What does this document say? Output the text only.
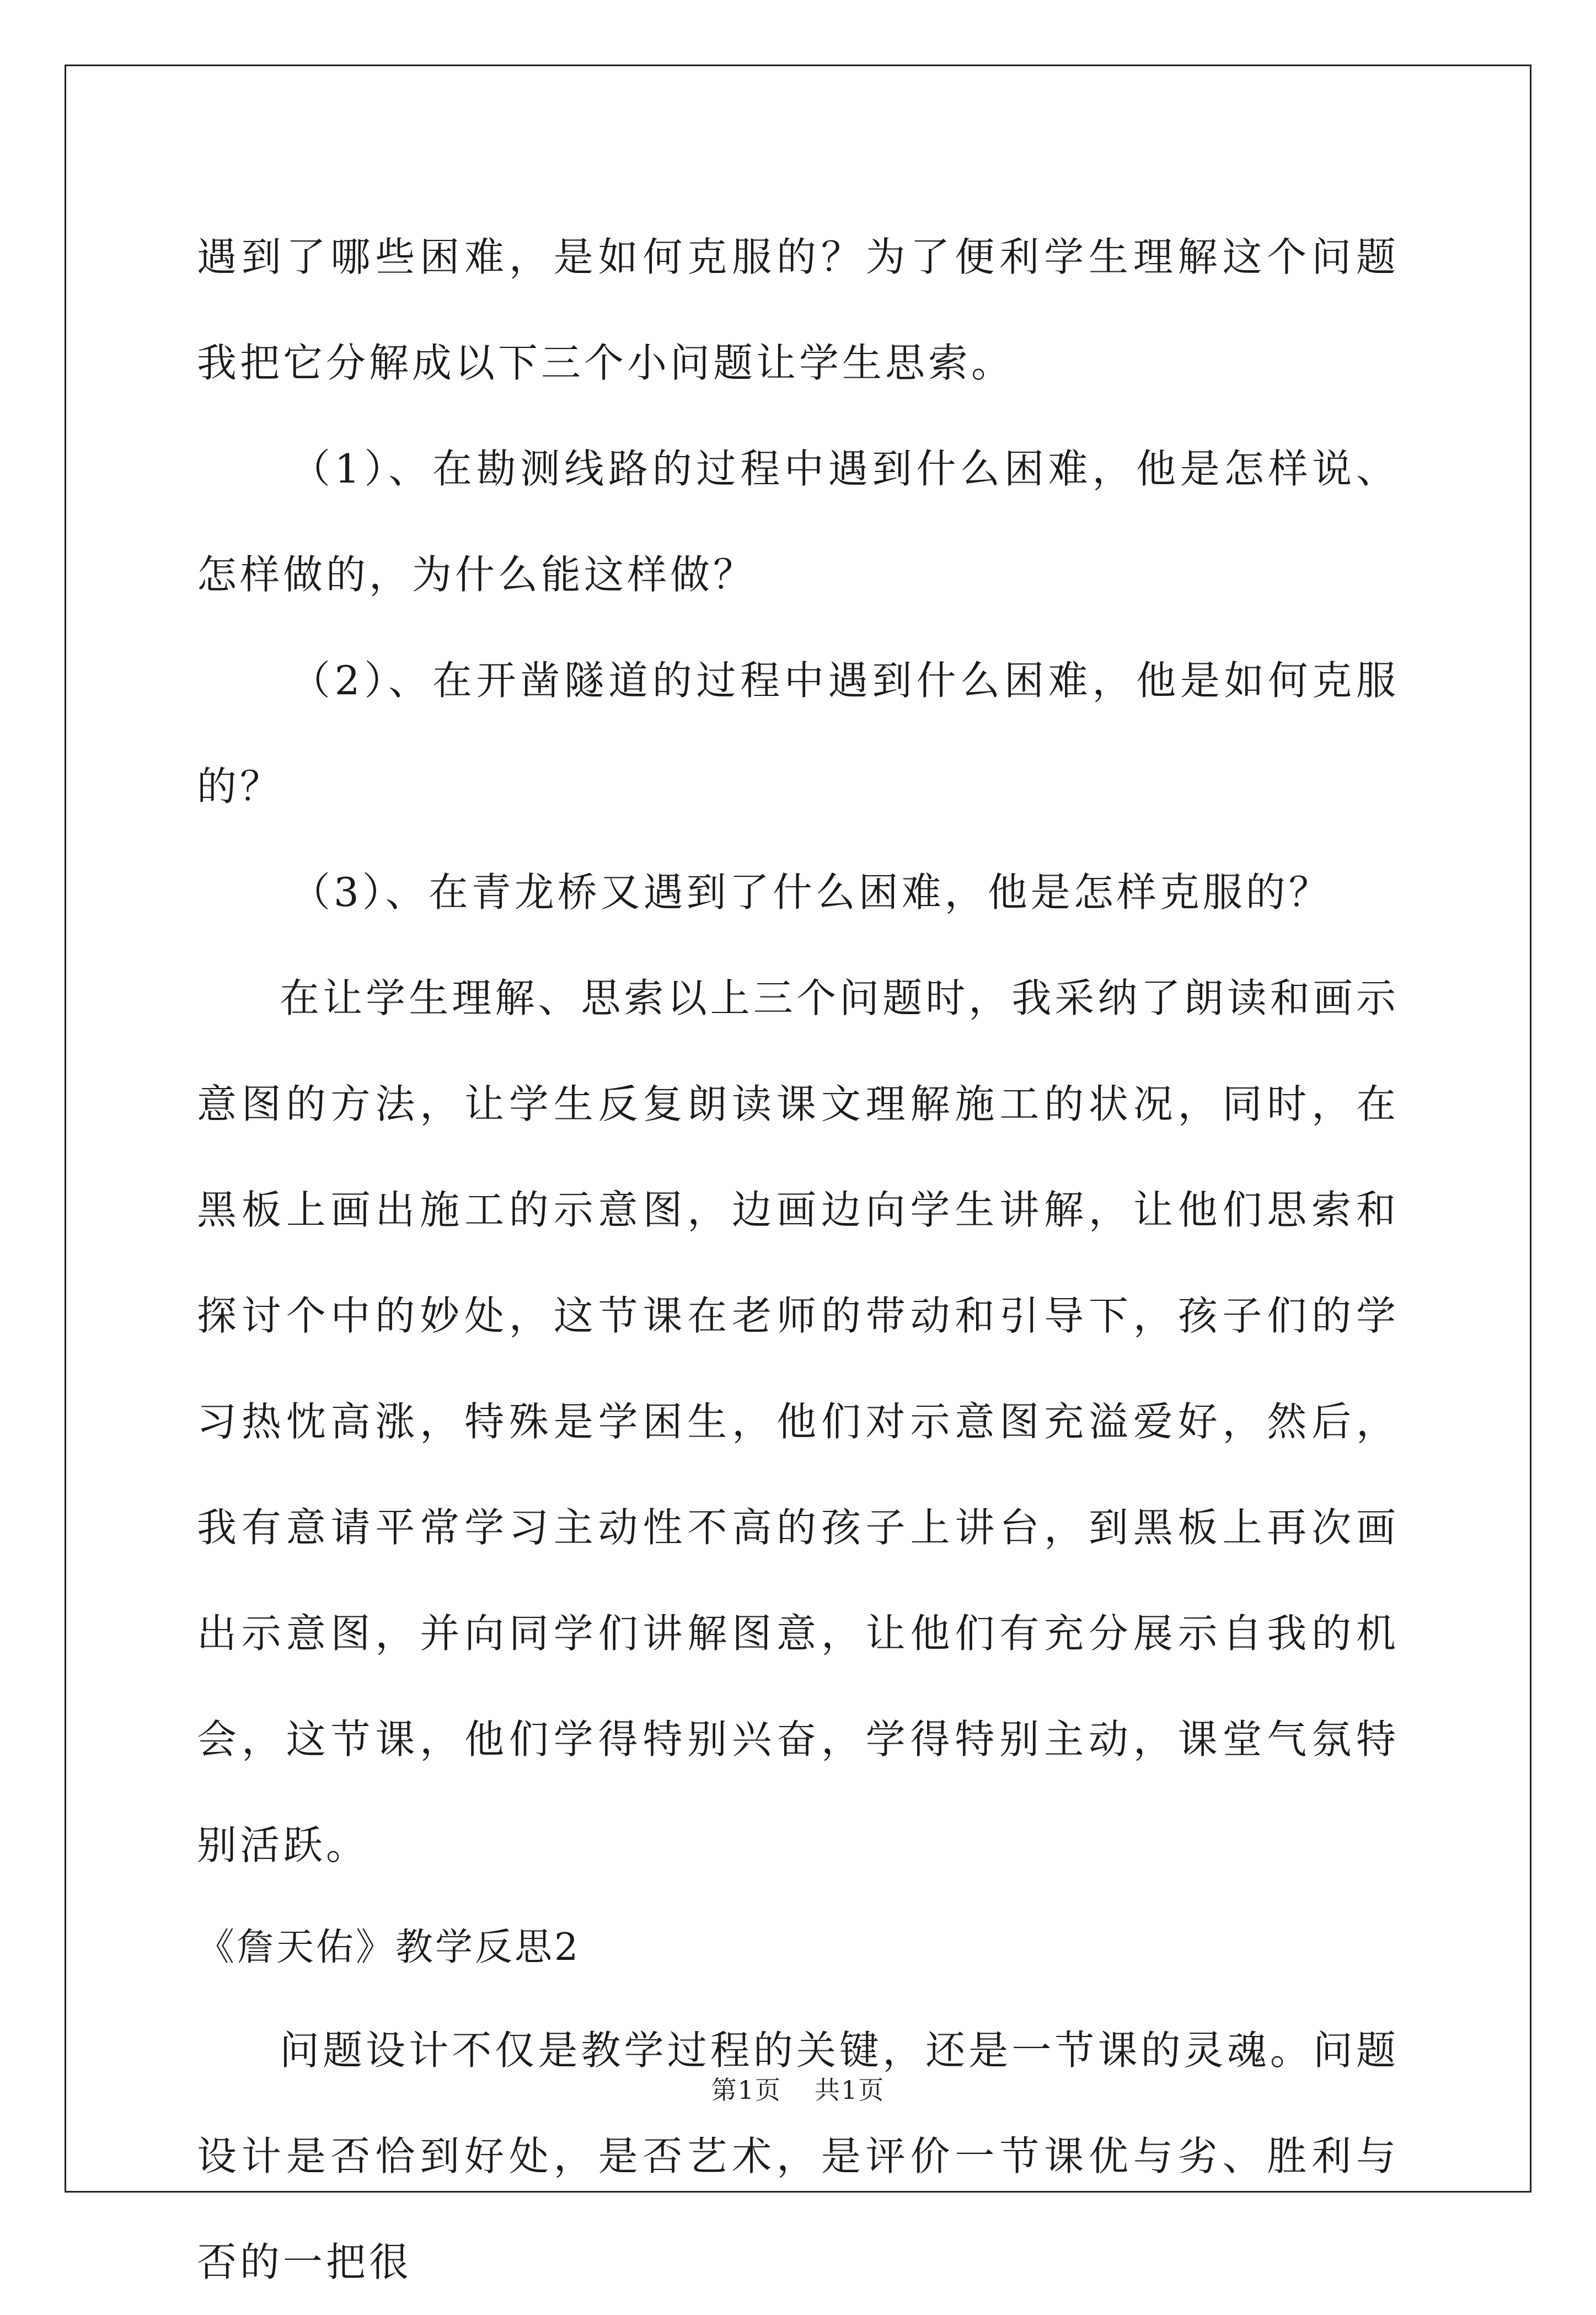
遇到了哪些困难，是如何克服的？为了便利学生理解这个问题我把它分解成以下三个小问题让学生思索。

（1）、在勘测线路的过程中遇到什么困难，他是怎样说、怎样做的，为什么能这样做？

（2）、在开凿隧道的过程中遇到什么困难，他是如何克服的？

（3）、在青龙桥又遇到了什么困难，他是怎样克服的？

在让学生理解、思索以上三个问题时，我采纳了朗读和画示意图的方法，让学生反复朗读课文理解施工的状况，同时，在黑板上画出施工的示意图，边画边向学生讲解，让他们思索和探讨个中的妙处，这节课在老师的带动和引导下，孩子们的学习热忱高涨，特殊是学困生，他们对示意图充溢爱好，然后，我有意请平常学习主动性不高的孩子上讲台，到黑板上再次画出示意图，并向同学们讲解图意，让他们有充分展示自我的机会，这节课，他们学得特别兴奋，学得特别主动，课堂气氛特别活跃。

《詹天佑》教学反思2

问题设计不仅是教学过程的关键，还是一节课的灵魂。问题设计是否恰到好处，是否艺术，是评价一节课优与劣、胜利与否的一把很

第1页 共1页
